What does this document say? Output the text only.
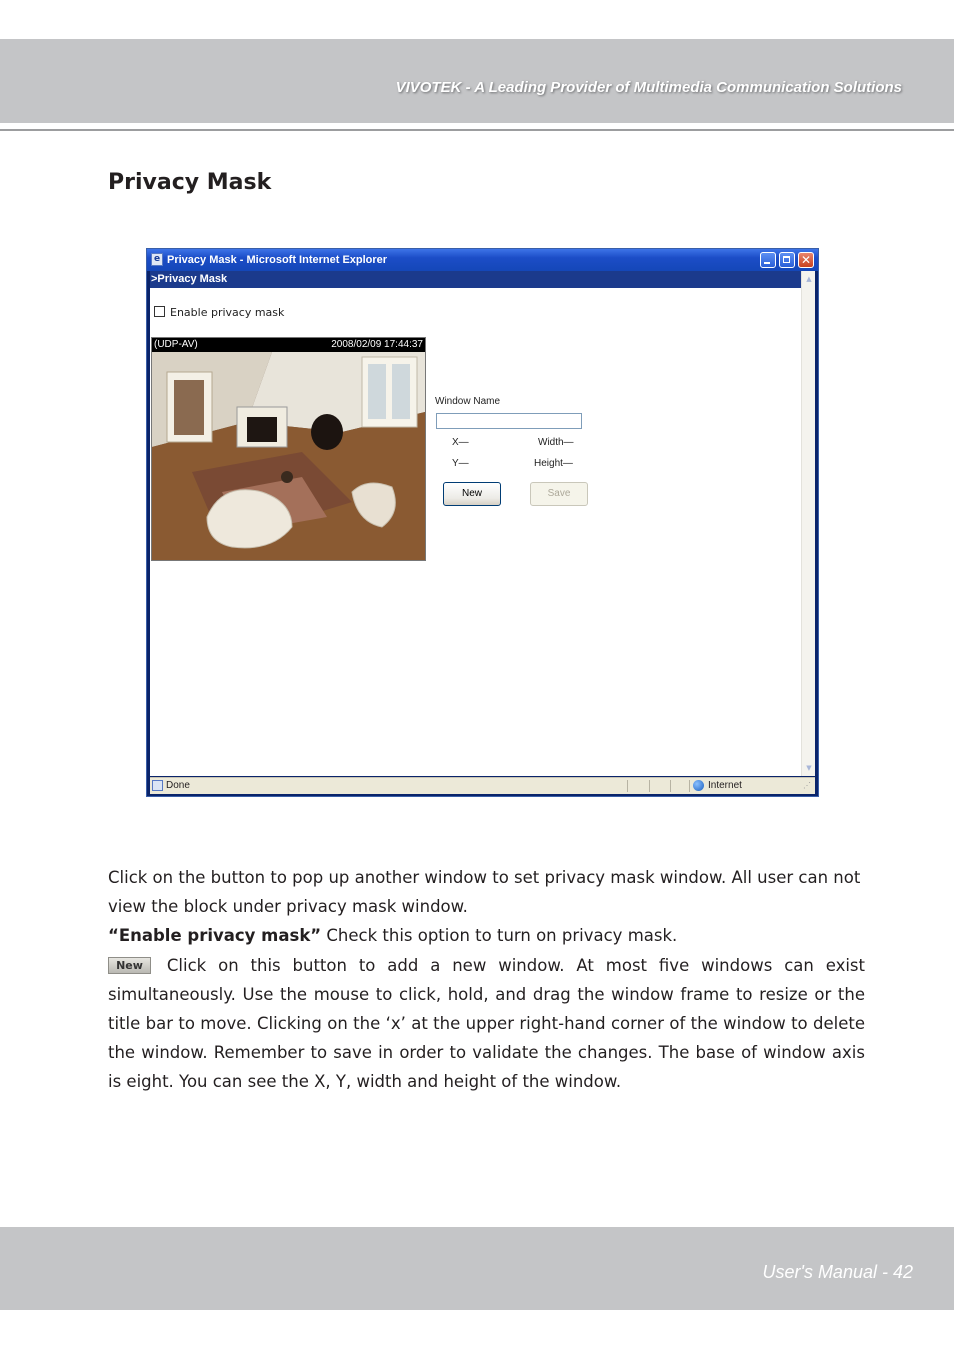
VIVOTEK - A Leading Provider of Multimedia Communication Solutions
Privacy Mask
e Privacy Mask - Microsoft Internet Explorer	✕
>Privacy Mask
Enable privacy mask
(UDP-AV)	2008/02/09 17:44:37
Window Name
X—	Width—
Y—	Height—
New	Save
▲
▼
Done	Internet	⋰
Click on the button to pop up another window to set privacy mask window. All user can not view the block under privacy mask window.
“Enable privacy mask” Check this option to turn on privacy mask.
New Click on this button to add a new window. At most five windows can exist simultaneously. Use the mouse to click, hold, and drag the window frame to resize or the title bar to move. Clicking on the ‘x’ at the upper right-hand corner of the window to delete the window. Remember to save in order to validate the changes. The base of window axis is eight. You can see the X, Y, width and height of the window.
User's Manual - 42
